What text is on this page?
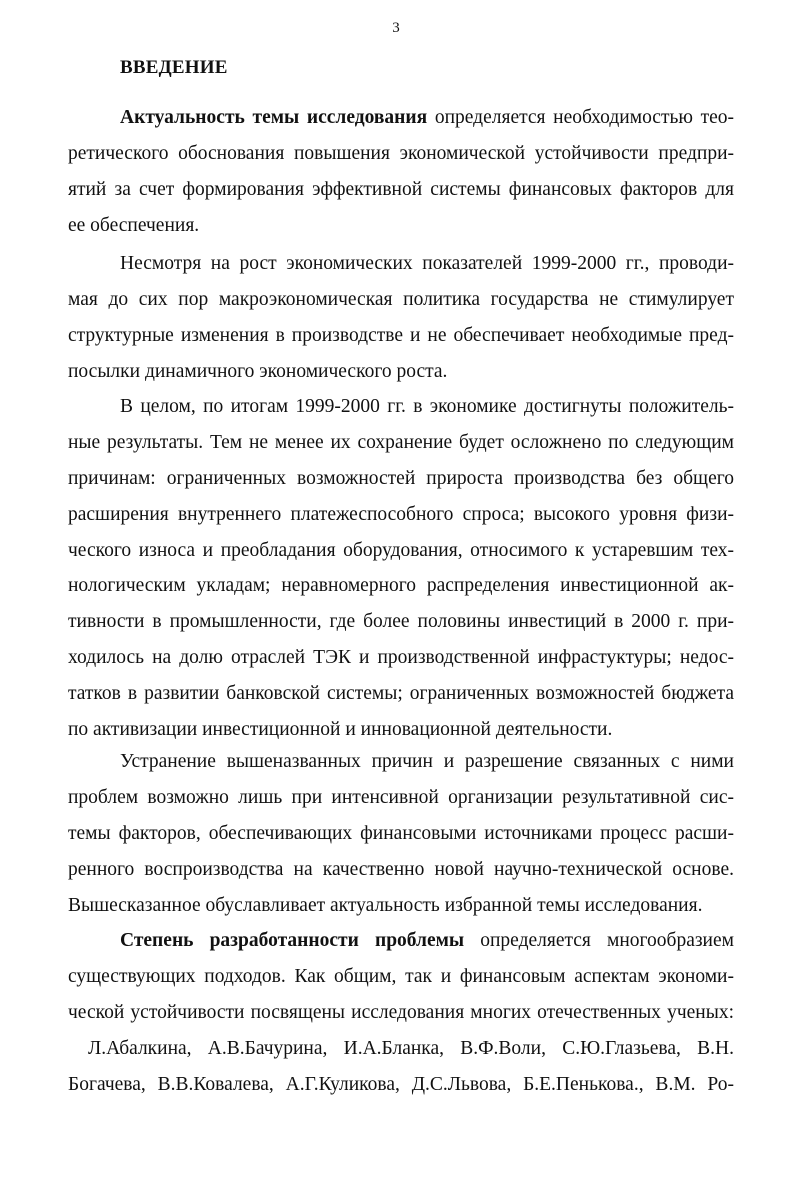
3
ВВЕДЕНИЕ
Актуальность темы исследования определяется необходимостью тео-
ретического обоснования повышения экономической устойчивости предпри-
ятий за счет формирования эффективной системы финансовых факторов для
ее обеспечения.
Несмотря на рост экономических показателей 1999-2000 гг., проводи-
мая до сих пор макроэкономическая политика государства не стимулирует
структурные изменения в производстве и не обеспечивает необходимые пред-
посылки динамичного экономического роста.
В целом, по итогам 1999-2000 гг. в экономике достигнуты положитель-
ные результаты. Тем не менее их сохранение будет осложнено по следующим
причинам: ограниченных возможностей прироста производства без общего
расширения внутреннего платежеспособного спроса; высокого уровня физи-
ческого износа и преобладания оборудования, относимого к устаревшим тех-
нологическим укладам; неравномерного распределения инвестиционной ак-
тивности в промышленности, где более половины инвестиций в 2000 г. при-
ходилось на долю отраслей ТЭК и производственной инфрастуктуры; недос-
татков в развитии банковской системы; ограниченных возможностей бюджета
по активизации инвестиционной и инновационной деятельности.
Устранение вышеназванных причин и разрешение связанных с ними
проблем возможно лишь при интенсивной организации результативной сис-
темы факторов, обеспечивающих финансовыми источниками процесс расши-
ренного воспроизводства на качественно новой научно-технической основе.
Вышесказанное обуславливает актуальность избранной темы исследования.
Степень разработанности проблемы определяется многообразием
существующих подходов. Как общим, так и финансовым аспектам экономи-
ческой устойчивости посвящены исследования многих отечественных ученых:
Л.Абалкина, А.В.Бачурина, И.А.Бланка, В.Ф.Воли, С.Ю.Глазьева, В.Н.
Богачева, В.В.Ковалева, А.Г.Куликова, Д.С.Львова, Б.Е.Пенькова., В.М. Ро-
